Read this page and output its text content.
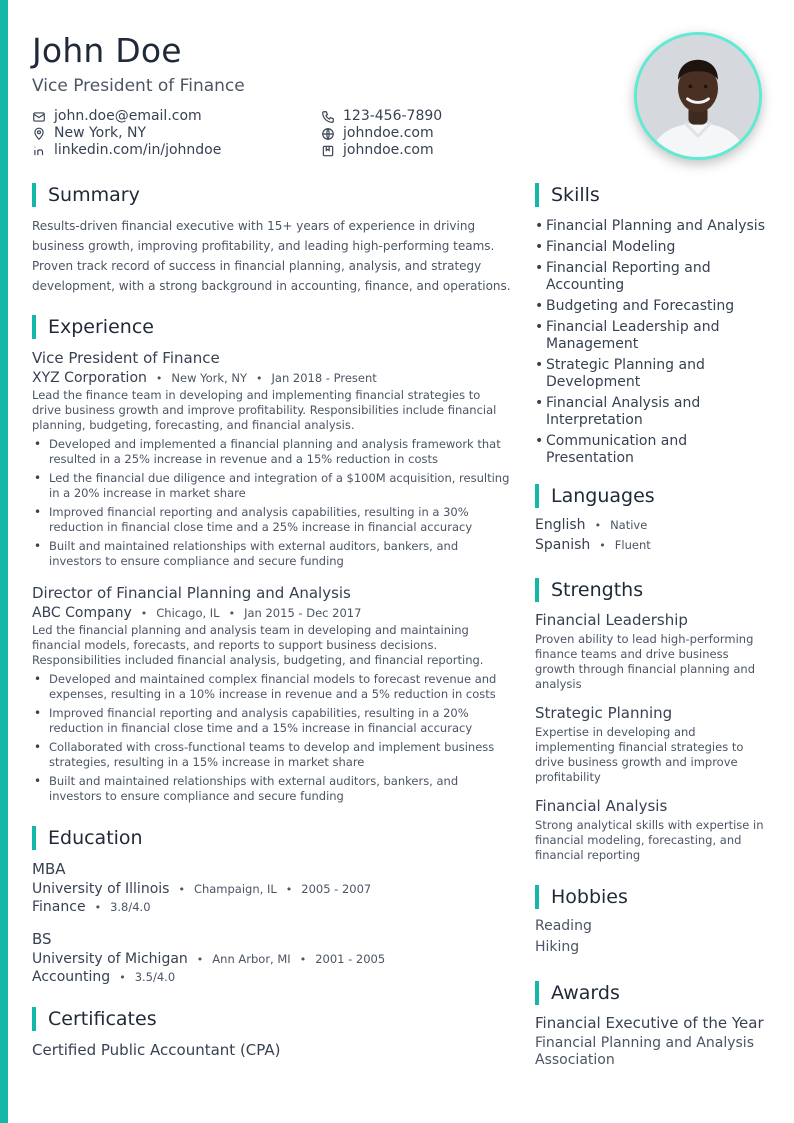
John Doe
Vice President of Finance
john.doe@email.com
New York, NY
linkedin.com/in/johndoe
123-456-7890
johndoe.com
johndoe.com
Summary

Results-driven financial executive with 15+ years of experience in driving business growth, improving profitability, and leading high-performing teams. Proven track record of success in financial planning, analysis, and strategy development, with a strong background in accounting, finance, and operations.

Experience
Vice President of Finance
XYZ Corporation • New York, NY • Jan 2018 - Present

Lead the finance team in developing and implementing financial strategies to drive business growth and improve profitability. Responsibilities include financial planning, budgeting, forecasting, and financial analysis.

• Developed and implemented a financial planning and analysis framework that resulted in a 25% increase in revenue and a 15% reduction in costs
• Led the financial due diligence and integration of a $100M acquisition, resulting in a 20% increase in market share
• Improved financial reporting and analysis capabilities, resulting in a 30% reduction in financial close time and a 25% increase in financial accuracy
• Built and maintained relationships with external auditors, bankers, and investors to ensure compliance and secure funding
Director of Financial Planning and Analysis
ABC Company • Chicago, IL • Jan 2015 - Dec 2017

Led the financial planning and analysis team in developing and maintaining financial models, forecasts, and reports to support business decisions. Responsibilities included financial analysis, budgeting, and financial reporting.

• Developed and maintained complex financial models to forecast revenue and expenses, resulting in a 10% increase in revenue and a 5% reduction in costs
• Improved financial reporting and analysis capabilities, resulting in a 20% reduction in financial close time and a 15% increase in financial accuracy
• Collaborated with cross-functional teams to develop and implement business strategies, resulting in a 15% increase in market share
• Built and maintained relationships with external auditors, bankers, and investors to ensure compliance and secure funding
Education
MBA
University of Illinois • Champaign, IL • 2005 - 2007
Finance • 3.8/4.0
BS
University of Michigan • Ann Arbor, MI • 2001 - 2005
Accounting • 3.5/4.0
Certificates
Certified Public Accountant (CPA)
Skills
• Financial Planning and Analysis
• Financial Modeling
• Financial Reporting and Accounting
• Budgeting and Forecasting
• Financial Leadership and Management
• Strategic Planning and Development
• Financial Analysis and Interpretation
• Communication and Presentation
Languages
English • Native
Spanish • Fluent
Strengths
Financial Leadership

Proven ability to lead high-performing finance teams and drive business growth through financial planning and analysis

Strategic Planning

Expertise in developing and implementing financial strategies to drive business growth and improve profitability

Financial Analysis

Strong analytical skills with expertise in financial modeling, forecasting, and financial reporting

Hobbies
Reading
Hiking
Awards
Financial Executive of the Year
Financial Planning and Analysis Association
